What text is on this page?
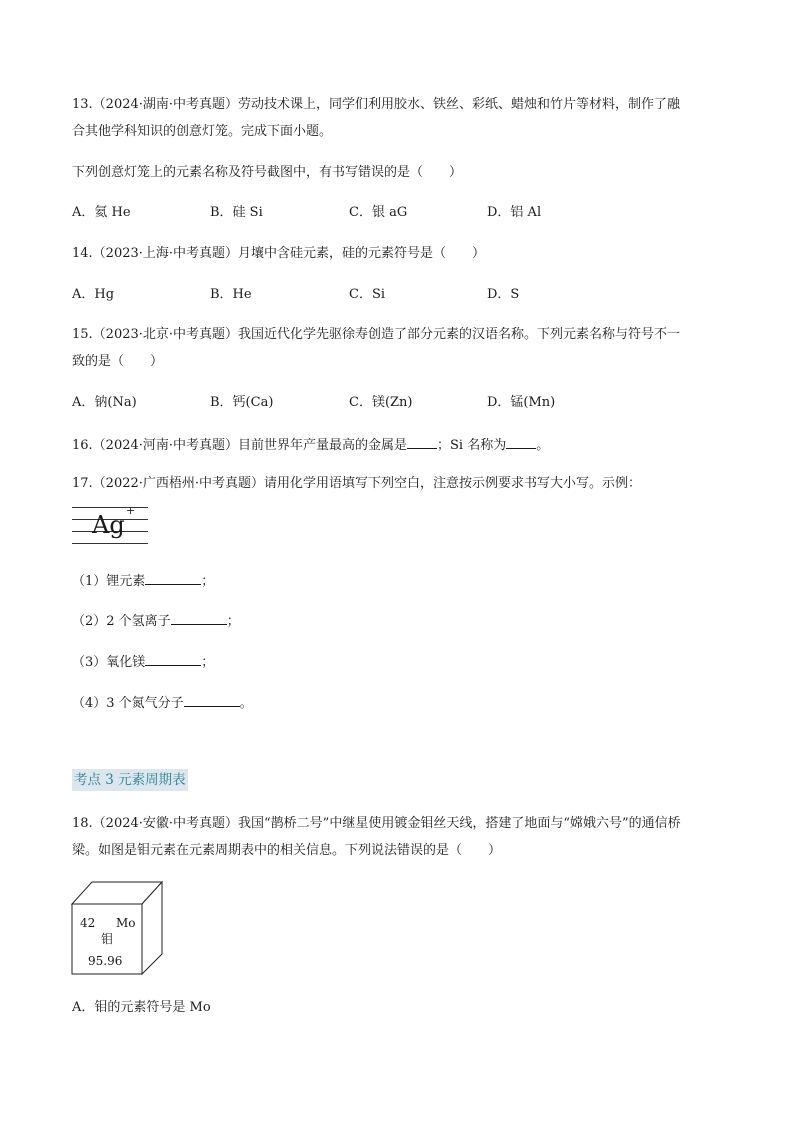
13.（2024·湖南·中考真题）劳动技术课上，同学们利用胶水、铁丝、彩纸、蜡烛和竹片等材料，制作了融
合其他学科知识的创意灯笼。完成下面小题。
下列创意灯笼上的元素名称及符号截图中，有书写错误的是（　　）
A．氦 He	B．硅 Si	C．银 aG	D．铝 Al
14.（2023·上海·中考真题）月壤中含硅元素，硅的元素符号是（　　）
A．Hg	B．He	C．Si	D．S
15.（2023·北京·中考真题）我国近代化学先驱徐寿创造了部分元素的汉语名称。下列元素名称与符号不一
致的是（　　）
A．钠(Na)	B．钙(Ca)	C．镁(Zn)	D．锰(Mn)
16.（2024·河南·中考真题）目前世界年产量最高的金属是 ；Si 名称为 。
17.（2022·广西梧州·中考真题）请用化学用语填写下列空白，注意按示例要求书写大小写。示例：
Ag
+
（1）锂元素	；
（2）2 个氢离子	；
（3）氧化镁	；
（4）3 个氮气分子	。
考点 3 元素周期表
18.（2024·安徽·中考真题）我国“鹊桥二号”中继星使用镀金钼丝天线，搭建了地面与“嫦娥六号”的通信桥
梁。如图是钼元素在元素周期表中的相关信息。下列说法错误的是（　　）
42 Mo
钼
95.96
A．钼的元素符号是 Mo
